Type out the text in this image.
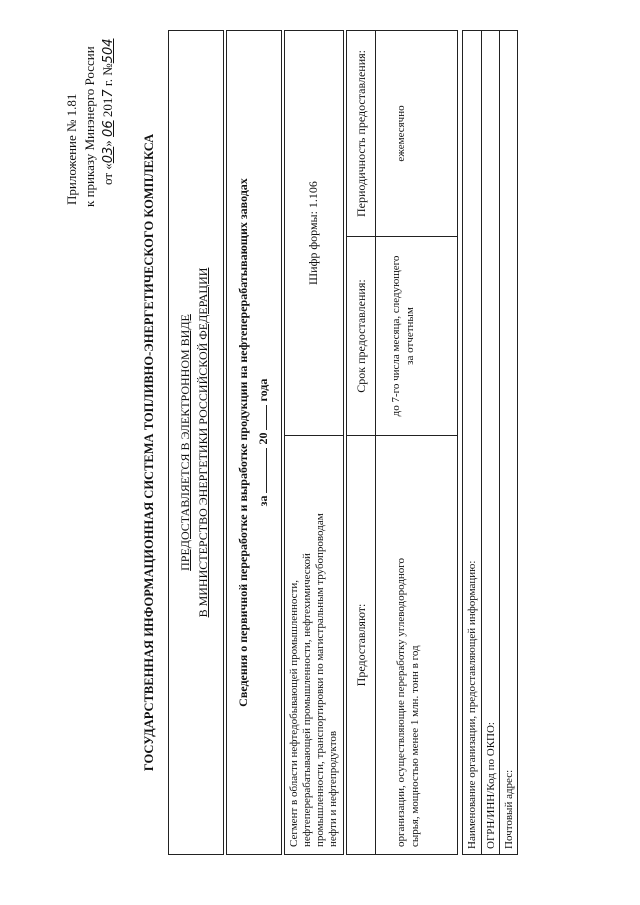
Приложение № 1.81 к приказу Минэнерго России от «03» 06 2017 г. №504
ГОСУДАРСТВЕННАЯ ИНФОРМАЦИОННАЯ СИСТЕМА ТОПЛИВНО-ЭНЕРГЕТИЧЕСКОГО КОМПЛЕКСА ПРЕДОСТАВЛЯЕТСЯ В ЭЛЕКТРОННОМ ВИДЕ В МИНИСТЕРСТВО ЭНЕРГЕТИКИ РОССИЙСКОЙ ФЕДЕРАЦИИ Сведения о первичной переработке и выработке продукции на нефтеперерабатывающих заводах за  20  года
Сегмент в области нефтедобывающей промышленности, нефтеперерабатывающей промышленности, нефтехимической промышленности, транспортировки по магистральным трубопроводам нефти и нефтепродуктов
Шифр формы: 1.106
Предоставляют:
Срок предоставления:
Периодичность предоставления:
организации, осуществляющие переработку углеводородного сырья, мощностью менее 1 млн. тонн в год
до 7-го числа месяца, следующего за отчетным
ежемесячно
Наименование организации, предоставляющей информацию: ОГРН/ИНН/Код по ОКПО: Почтовый адрес:
